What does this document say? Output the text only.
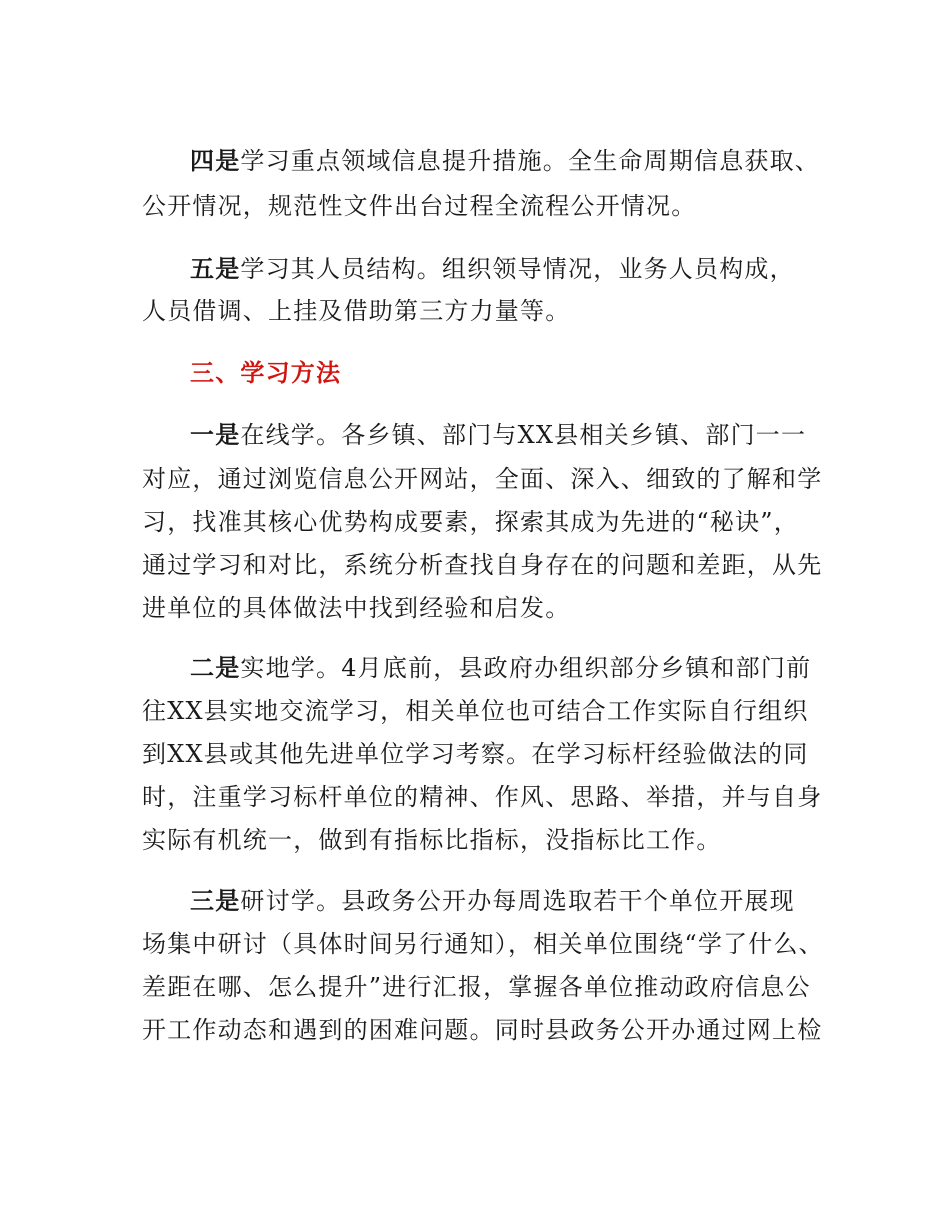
四是学习重点领域信息提升措施。全生命周期信息获取、
公开情况，规范性文件出台过程全流程公开情况。
五是学习其人员结构。组织领导情况，业务人员构成，
人员借调、上挂及借助第三方力量等。
三、学习方法
一是在线学。各乡镇、部门与XX县相关乡镇、部门一一
对应，通过浏览信息公开网站，全面、深入、细致的了解和学
习，找准其核心优势构成要素，探索其成为先进的“秘诀”，
通过学习和对比，系统分析查找自身存在的问题和差距，从先
进单位的具体做法中找到经验和启发。
二是实地学。4月底前，县政府办组织部分乡镇和部门前
往XX县实地交流学习，相关单位也可结合工作实际自行组织
到XX县或其他先进单位学习考察。在学习标杆经验做法的同
时，注重学习标杆单位的精神、作风、思路、举措，并与自身
实际有机统一，做到有指标比指标，没指标比工作。
三是研讨学。县政务公开办每周选取若干个单位开展现
场集中研讨（具体时间另行通知），相关单位围绕“学了什么、
差距在哪、怎么提升”进行汇报，掌握各单位推动政府信息公
开工作动态和遇到的困难问题。同时县政务公开办通过网上检
